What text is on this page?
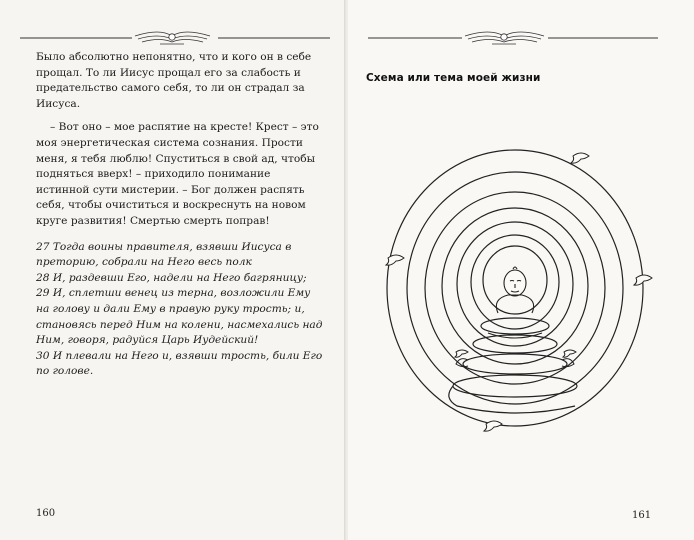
Было абсолютно непонятно, что и кого он в себе прощал. То ли Иисус прощал его за слабость и предательство самого себя, то ли он страдал за Иисуса.

– Вот оно – мое распятие на кресте! Крест – это моя энергетическая система сознания. Прости меня, я тебя люблю! Спуститься в свой ад, чтобы подняться вверх! – приходило понимание истинной сути мистерии. – Бог должен распять себя, чтобы очиститься и воскреснуть на новом круге развития! Смертью смерть поправ!

27 Тогда воины правителя, взявши Иисуса в преторию, собрали на Него весь полк

28 И, раздевши Его, надели на Него багряницу;

29 И, сплетши венец из терна, возложили Ему на голову и дали Ему в правую руку трость; и, становясь перед Ним на колени, насмехались над Ним, говоря, радуйся Царь Иудейский!

30 И плевали на Него и, взявши трость, били Его по голове.

160
Схема или тема моей жизни
161
